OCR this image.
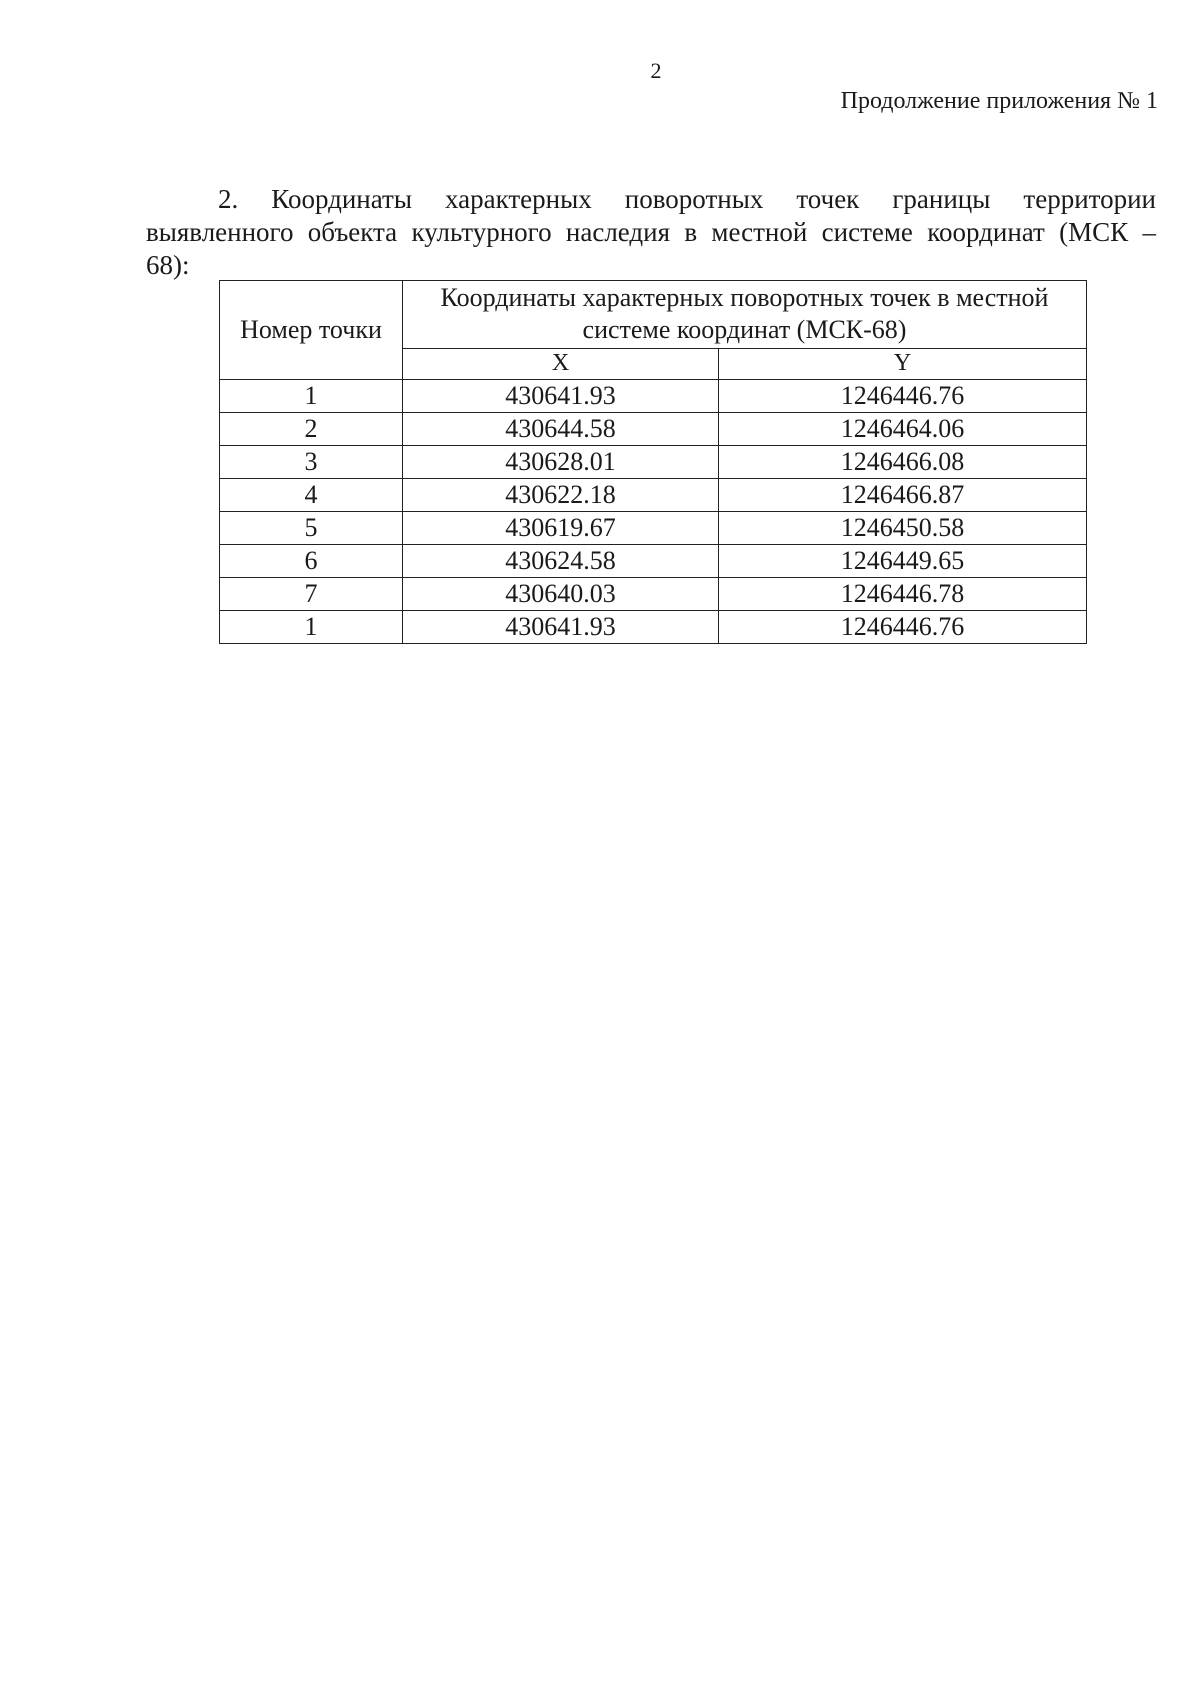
2
Продолжение приложения № 1

2. Координаты характерных поворотных точек границы территории выявленного объекта культурного наследия в местной системе координат (МСК – 68):

Номер точки	Координаты характерных поворотных точек в местной системе координат (МСК-68)	
	X	Y
1	430641.93	1246446.76
2	430644.58	1246464.06
3	430628.01	1246466.08
4	430622.18	1246466.87
5	430619.67	1246450.58
6	430624.58	1246449.65
7	430640.03	1246446.78
1	430641.93	1246446.76
